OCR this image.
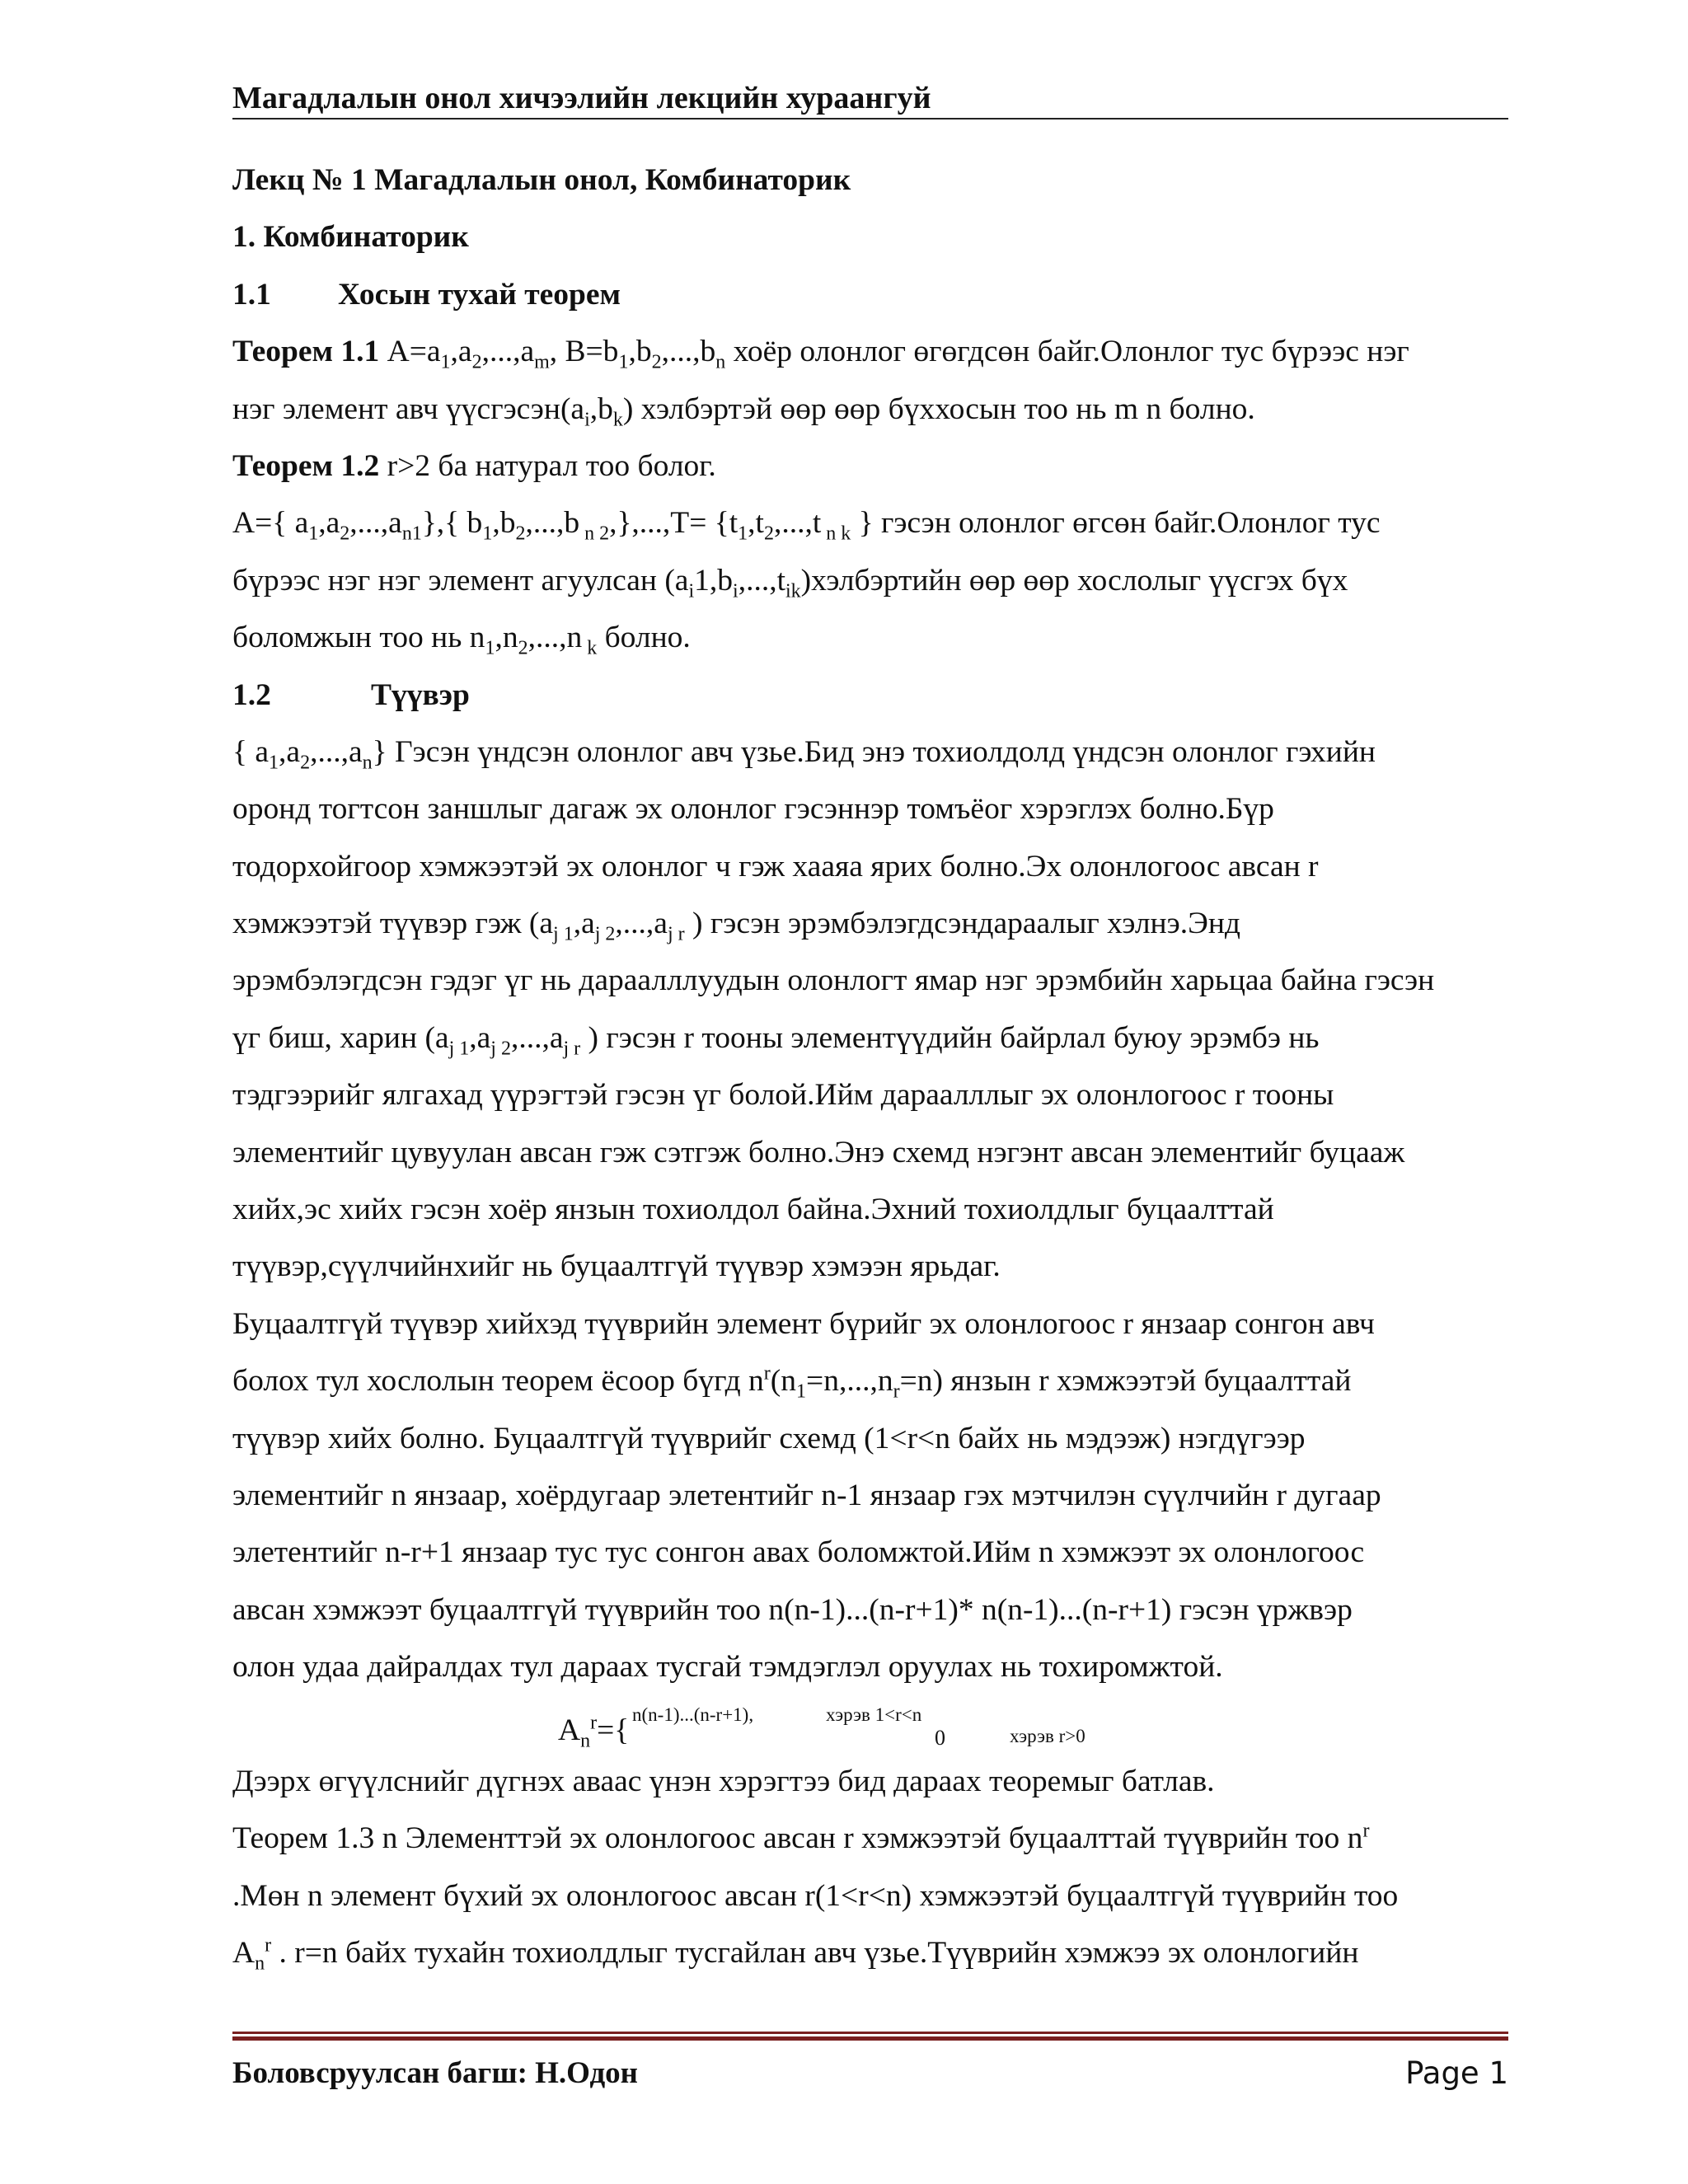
Магадлалын онол хичээлийн лекцийн хураангуй
Лекц № 1 Магадлалын онол, Комбинаторик
1. Комбинаторик
1.1 Хосын тухай теорем
Теорем 1.1 $A=a_1,a_2,...,a_m$, $B=b_1,b_2,...,b_n$ хоёр олонлог өгөгдсөн байг.Олонлог тус бүрээс нэг
нэг элемент авч $үүсгэсэн(a_i,b_k)$ хэлбэртэй өөр өөр бүххосын тоо нь m n болно.
Теорем 1.2 r>2 ба натурал тоо болог.
A={ $a_1,a_2,...,a_{n1}$},{ $b_1,b_2,...,b$ $_{n 2},\},...,T= \{t_1,t_2,...,t$ $_{n k}$ } гэсэн олонлог өгсөн байг.Олонлог тус
бүрээс нэг нэг элемент агуулсан $(a_i1,b_i,...,t_{ik})хэлбэртийн$ өөр өөр хослолыг үүсгэх бүх
боломжын тоо нь $n_1,n_2,...,n$ $_k$ болно.
1.2	Түүвэр
{ $a_1,a_2,...,a_n$} Гэсэн үндсэн олонлог авч үзье.Бид энэ тохиолдолд үндсэн олонлог гэхийн
оронд тогтсон заншлыг дагаж эх олонлог гэсэннэр томъёог хэрэглэх болно.Бүр
тодорхойгоор хэмжээтэй эх олонлог ч гэж хааяа ярих болно.Эх олонлогоос авсан r
хэмжээтэй түүвэр гэж ($a_{j 1},a_{j 2},...,a_{j r}$ ) гэсэн эрэмбэлэгдсэндараалыг хэлнэ.Энд
эрэмбэлэгдсэн гэдэг үг нь дараалллуудын олонлогт ямар нэг эрэмбийн харьцаа байна гэсэн
үг биш, харин ($a_{j 1},a_{j 2},...,a_{j r}$ ) гэсэн r тооны элементүүдийн байрлал буюу эрэмбэ нь
тэдгээрийг ялгахад үүрэгтэй гэсэн үг болой.Ийм дараалллыг эх олонлогоос r тооны
элементийг цувуулан авсан гэж сэтгэж болно.Энэ схемд нэгэнт авсан элементийг буцааж
хийх,эс хийх гэсэн хоёр янзын тохиолдол байна.Эхний тохиолдлыг буцаалттай
түүвэр,сүүлчийнхийг нь буцаалтгүй түүвэр хэмээн ярьдаг.
Буцаалтгүй түүвэр хийхэд түүврийн элемент бүрийг эх олонлогоос r янзаар сонгон авч
болох тул хослолын теорем ёсоор бүгд $n^r(n_1=n,...,n_r=n)$ янзын r хэмжээтэй буцаалттай
түүвэр хийх болно. Буцаалтгүй түүврийг схемд (1<r<n байх нь мэдээж) нэгдүгээр
элементийг n янзаар, хоёрдугаар элетентийг n-1 янзаар гэх мэтчилэн сүүлчийн r дугаар
элетентийг n-r+1 янзаар тус тус сонгон авах боломжтой.Ийм n хэмжээт эх олонлогоос
авсан хэмжээт буцаалтгүй түүврийн тоо n(n-1)...(n-r+1)* n(n-1)...(n-r+1) гэсэн үржвэр
олон удаа дайралдах тул дараах тусгай тэмдэглэл оруулах нь тохиромжтой.
$A_n^r=${ n(n-1)...(n-r+1),	хэрэв 1<r<n
0	хэрэв r>0
Дээрх өгүүлснийг дүгнэх аваас үнэн хэрэгтээ бид дараах теоремыг батлав.
Теорем 1.3 n Элементтэй эх олонлогоос авсан r хэмжээтэй буцаалттай түүврийн тоо $n^r$
.Мөн n элемент бүхий эх олонлогоос авсан r(1<r<n) хэмжээтэй буцаалтгүй түүврийн тоо
$A_n^r$ . r=n байх тухайн тохиолдлыг тусгайлан авч үзье.Түүврийн хэмжээ эх олонлогийн
Боловсруулсан багш: Н.Одон	Page 1
